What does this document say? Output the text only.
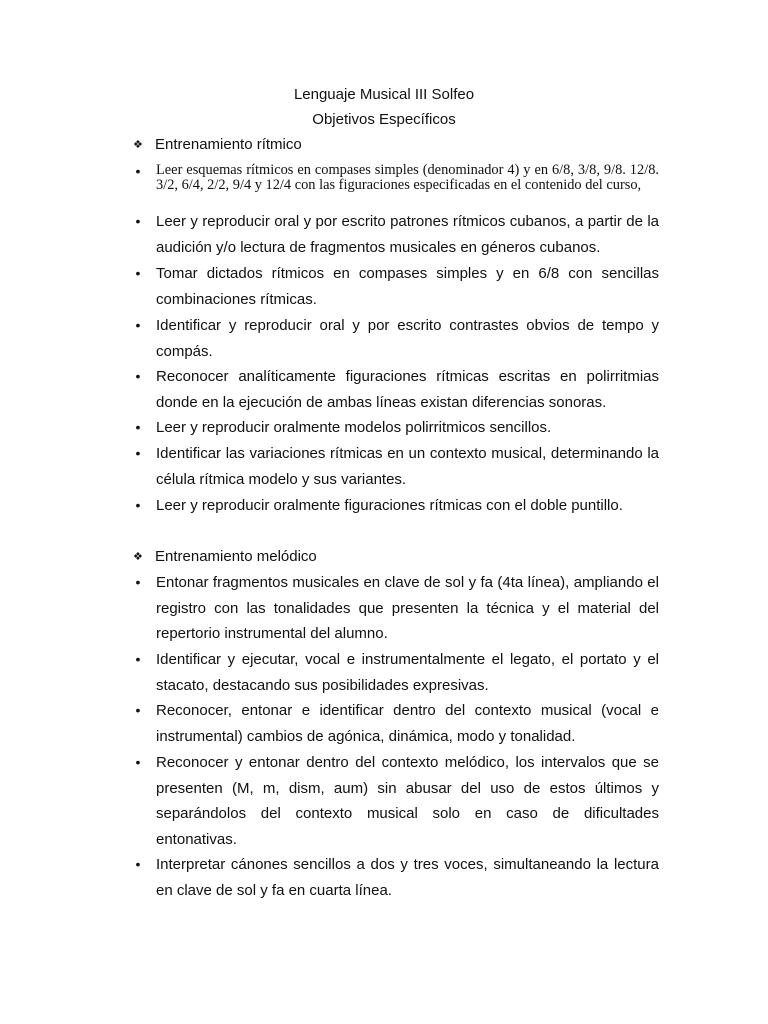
Lenguaje Musical III Solfeo
Objetivos Específicos
❖ Entrenamiento rítmico
• Leer esquemas rítmicos en compases simples (denominador 4) y en 6/8, 3/8, 9/8. 12/8. 3/2, 6/4, 2/2, 9/4 y 12/4 con las figuraciones especificadas en el contenido del curso,
• Leer y reproducir oral y por escrito patrones rítmicos cubanos, a partir de la audición y/o lectura de fragmentos musicales en géneros cubanos.
• Tomar dictados rítmicos en compases simples y en 6/8 con sencillas combinaciones rítmicas.
• Identificar y reproducir oral y por escrito contrastes obvios de tempo y compás.
• Reconocer analíticamente figuraciones rítmicas escritas en polirritmias donde en la ejecución de ambas líneas existan diferencias sonoras.
• Leer y reproducir oralmente modelos polirritmicos sencillos.
• Identificar las variaciones rítmicas en un contexto musical, determinando la célula rítmica modelo y sus variantes.
• Leer y reproducir oralmente figuraciones rítmicas con el doble puntillo.
❖ Entrenamiento melódico
• Entonar fragmentos musicales en clave de sol y fa (4ta línea), ampliando el registro con las tonalidades que presenten la técnica y el material del repertorio instrumental del alumno.
• Identificar y ejecutar, vocal e instrumentalmente el legato, el portato y el stacato, destacando sus posibilidades expresivas.
• Reconocer, entonar e identificar dentro del contexto musical (vocal e instrumental) cambios de agónica, dinámica, modo y tonalidad.
• Reconocer y entonar dentro del contexto melódico, los intervalos que se presenten (M, m, dism, aum) sin abusar del uso de estos últimos y separándolos del contexto musical solo en caso de dificultades entonativas.
• Interpretar cánones sencillos a dos y tres voces, simultaneando la lectura en clave de sol y fa en cuarta línea.
